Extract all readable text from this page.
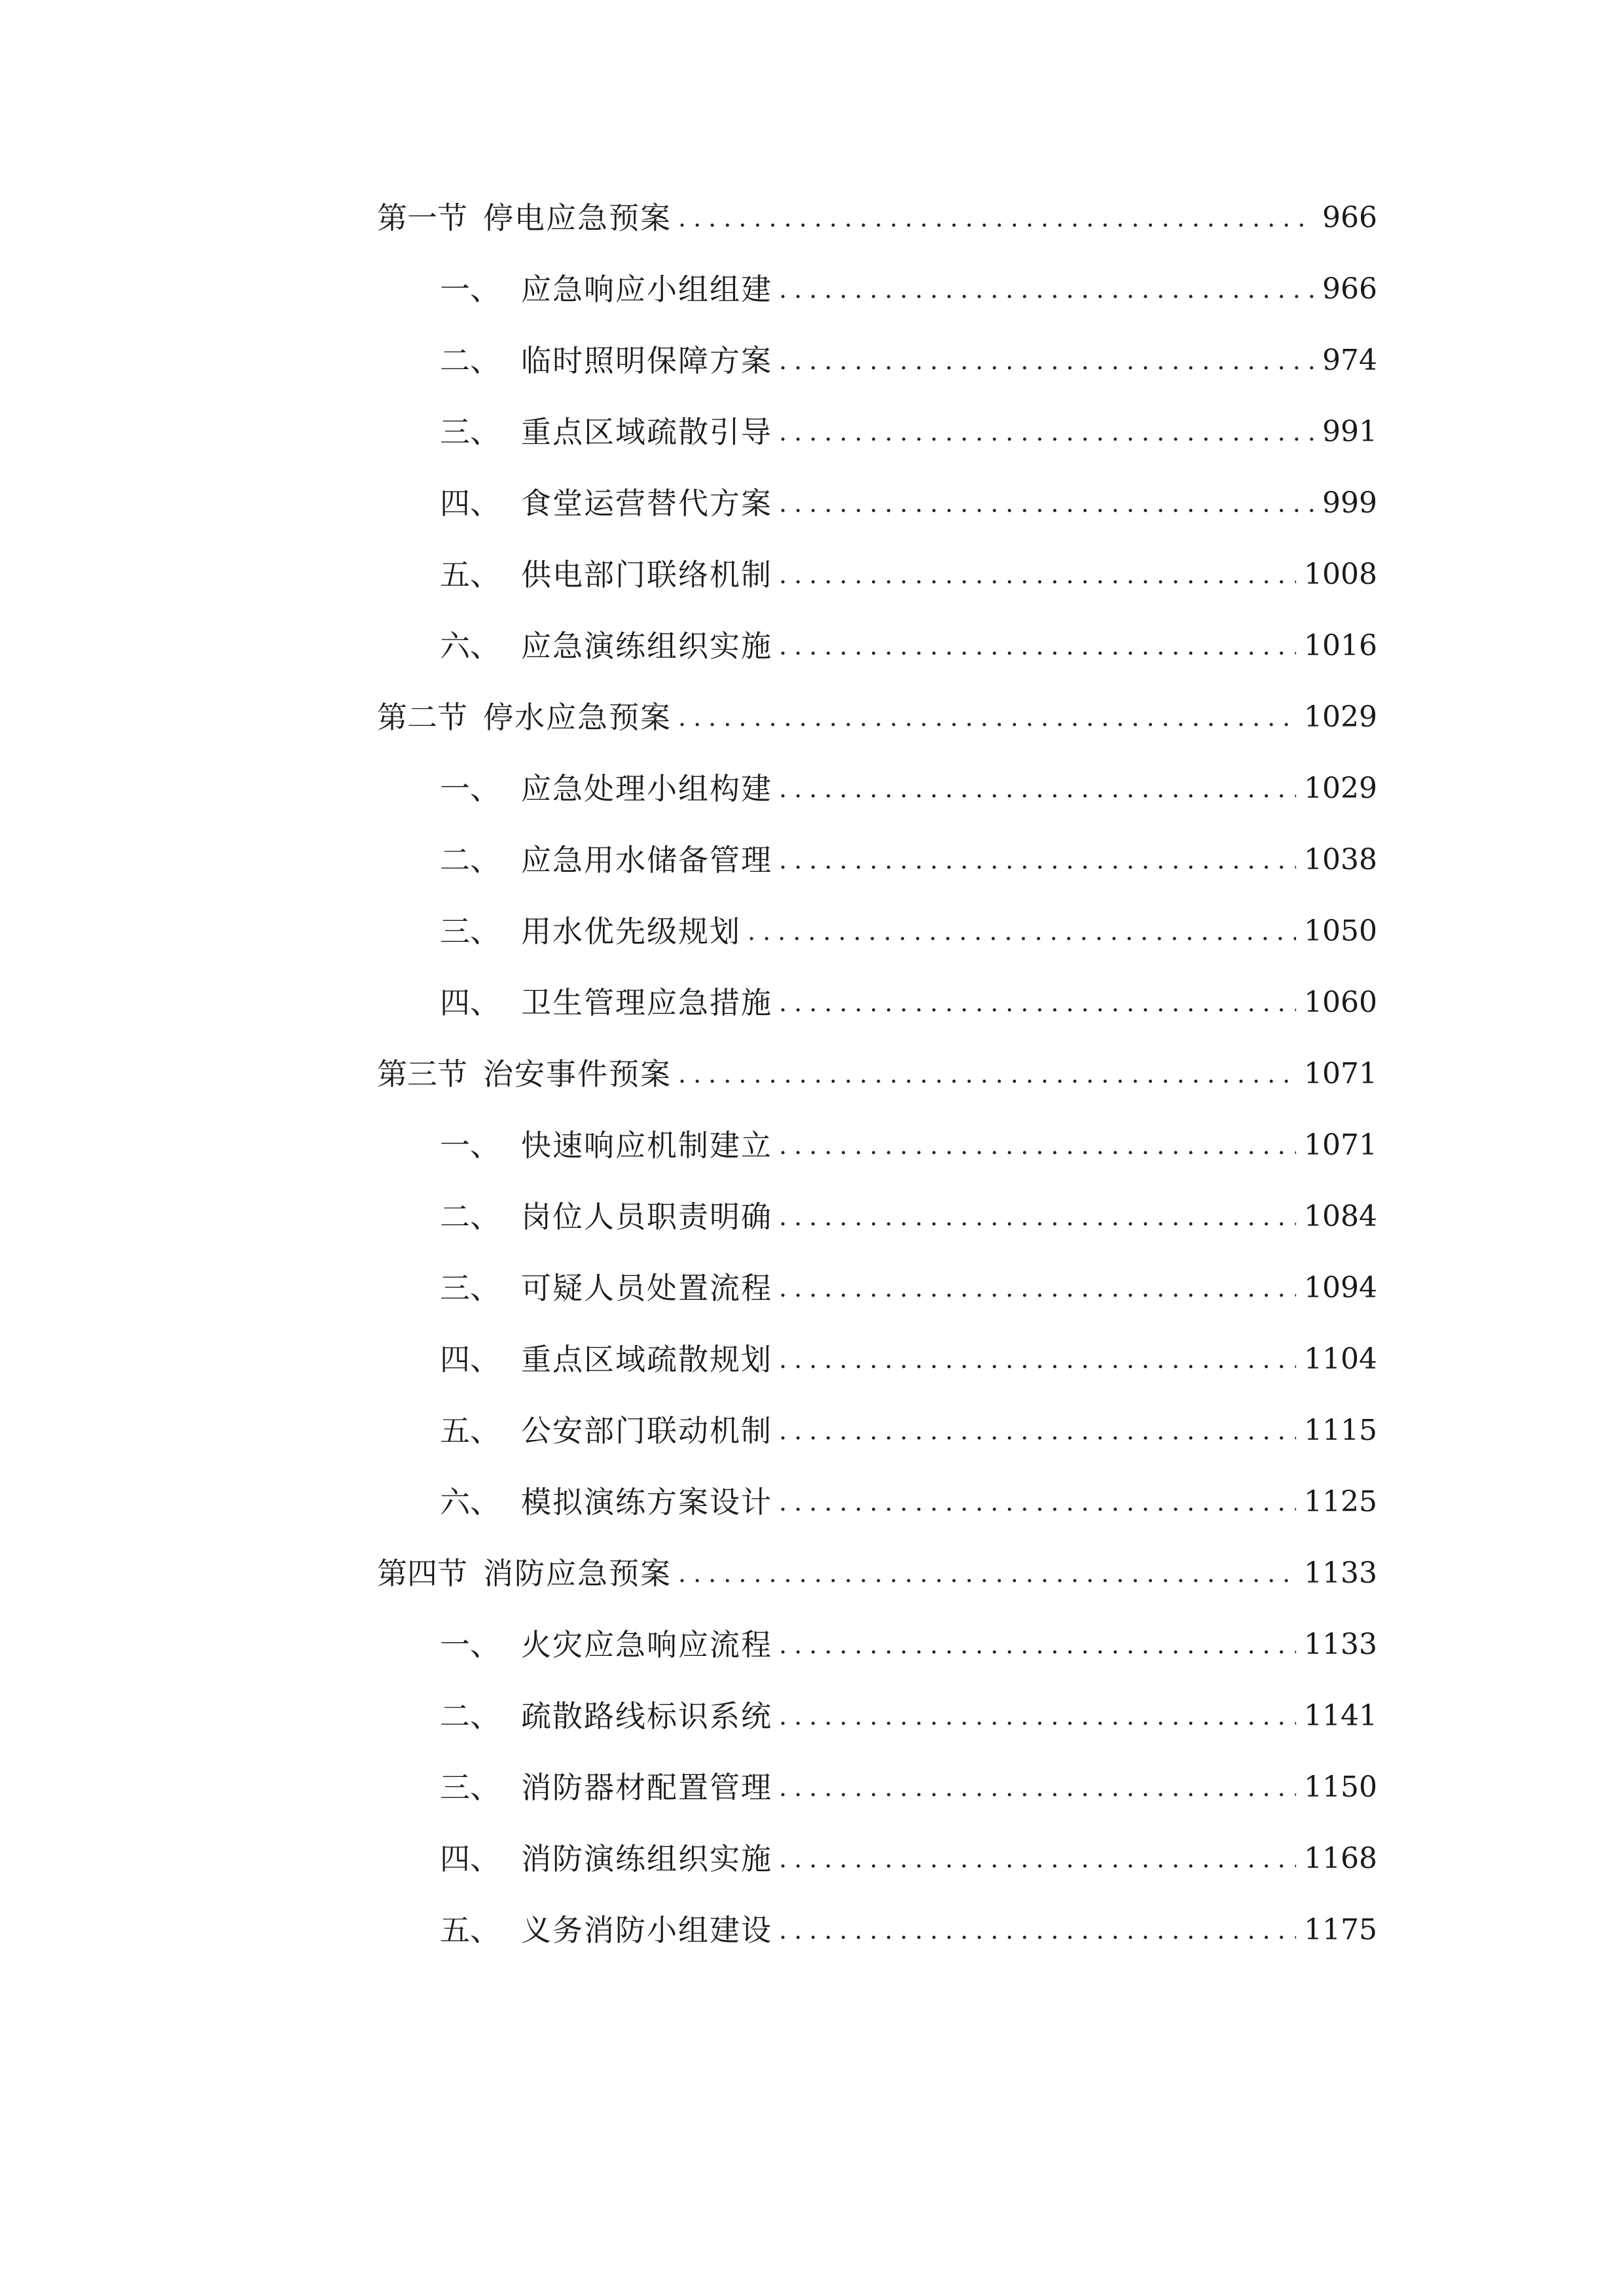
第一节 停电应急预案 .....	966
一、 应急响应小组组建 .....	966
二、 临时照明保障方案 .....	974
三、 重点区域疏散引导 .....	991
四、 食堂运营替代方案 .....	999
五、 供电部门联络机制 .....	1008
六、 应急演练组织实施 .....	1016
第二节 停水应急预案 .....	1029
一、 应急处理小组构建 .....	1029
二、 应急用水储备管理 .....	1038
三、 用水优先级规划 .....	1050
四、 卫生管理应急措施 .....	1060
第三节 治安事件预案 .....	1071
一、 快速响应机制建立 .....	1071
二、 岗位人员职责明确 .....	1084
三、 可疑人员处置流程 .....	1094
四、 重点区域疏散规划 .....	1104
五、 公安部门联动机制 .....	1115
六、 模拟演练方案设计 .....	1125
第四节 消防应急预案 .....	1133
一、 火灾应急响应流程 .....	1133
二、 疏散路线标识系统 .....	1141
三、 消防器材配置管理 .....	1150
四、 消防演练组织实施 .....	1168
五、 义务消防小组建设 .....	1175
